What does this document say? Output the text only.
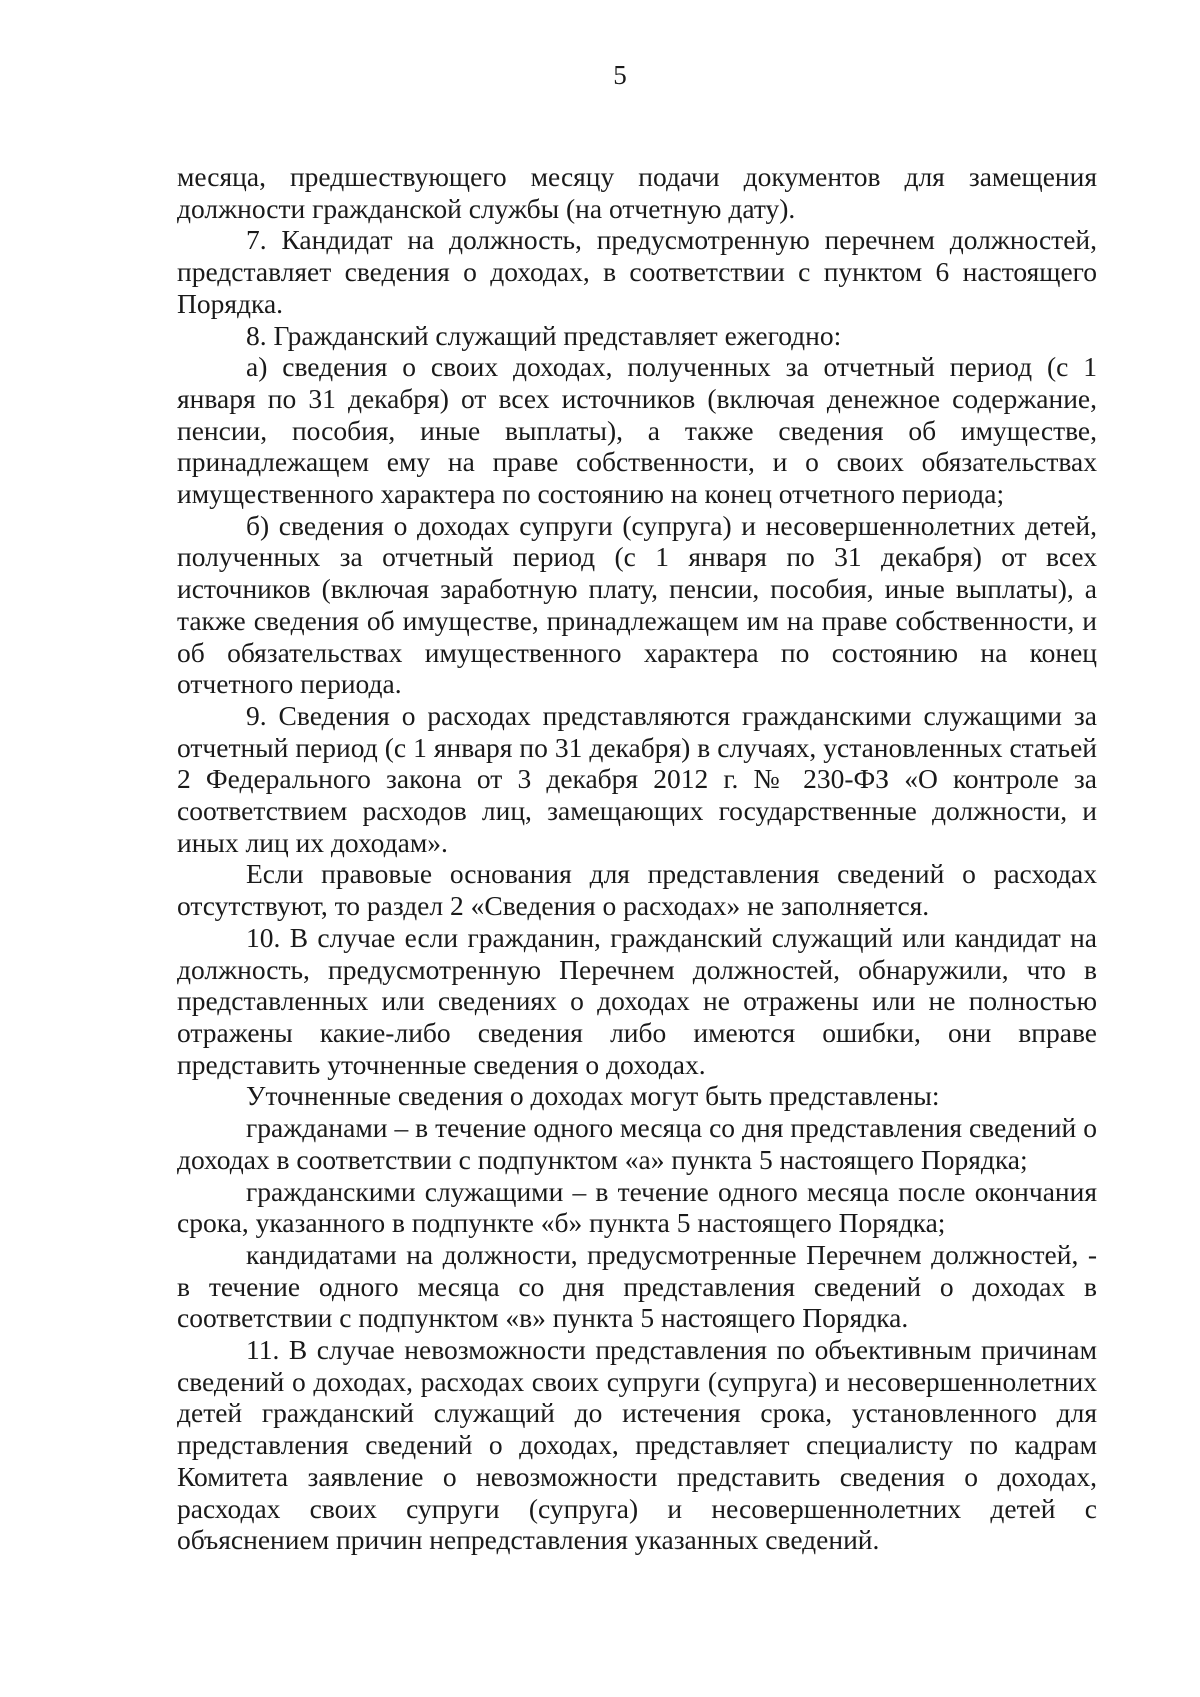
5

месяца, предшествующего месяцу подачи документов для замещения должности гражданской службы (на отчетную дату).

7. Кандидат на должность, предусмотренную перечнем должностей, представляет сведения о доходах, в соответствии с пунктом 6 настоящего Порядка.

8. Гражданский служащий представляет ежегодно:

а) сведения о своих доходах, полученных за отчетный период (с 1 января по 31 декабря) от всех источников (включая денежное содержание, пенсии, пособия, иные выплаты), а также сведения об имуществе, принадлежащем ему на праве собственности, и о своих обязательствах имущественного характера по состоянию на конец отчетного периода;

б) сведения о доходах супруги (супруга) и несовершеннолетних детей, полученных за отчетный период (с 1 января по 31 декабря) от всех источников (включая заработную плату, пенсии, пособия, иные выплаты), а также сведения об имуществе, принадлежащем им на праве собственности, и об обязательствах имущественного характера по состоянию на конец отчетного периода.

9. Сведения о расходах представляются гражданскими служащими за отчетный период (с 1 января по 31 декабря) в случаях, установленных статьей 2 Федерального закона от 3 декабря 2012 г. № 230-ФЗ «О контроле за соответствием расходов лиц, замещающих государственные должности, и иных лиц их доходам».

Если правовые основания для представления сведений о расходах отсутствуют, то раздел 2 «Сведения о расходах» не заполняется.

10. В случае если гражданин, гражданский служащий или кандидат на должность, предусмотренную Перечнем должностей, обнаружили, что в представленных или сведениях о доходах не отражены или не полностью отражены какие-либо сведения либо имеются ошибки, они вправе представить уточненные сведения о доходах.

Уточненные сведения о доходах могут быть представлены:

гражданами – в течение одного месяца со дня представления сведений о доходах в соответствии с подпунктом «а» пункта 5 настоящего Порядка;

гражданскими служащими – в течение одного месяца после окончания срока, указанного в подпункте «б» пункта 5 настоящего Порядка;

кандидатами на должности, предусмотренные Перечнем должностей, - в течение одного месяца со дня представления сведений о доходах в соответствии с подпунктом «в» пункта 5 настоящего Порядка.

11. В случае невозможности представления по объективным причинам сведений о доходах, расходах своих супруги (супруга) и несовершеннолетних детей гражданский служащий до истечения срока, установленного для представления сведений о доходах, представляет специалисту по кадрам Комитета заявление о невозможности представить сведения о доходах, расходах своих супруги (супруга) и несовершеннолетних детей с объяснением причин непредставления указанных сведений.
